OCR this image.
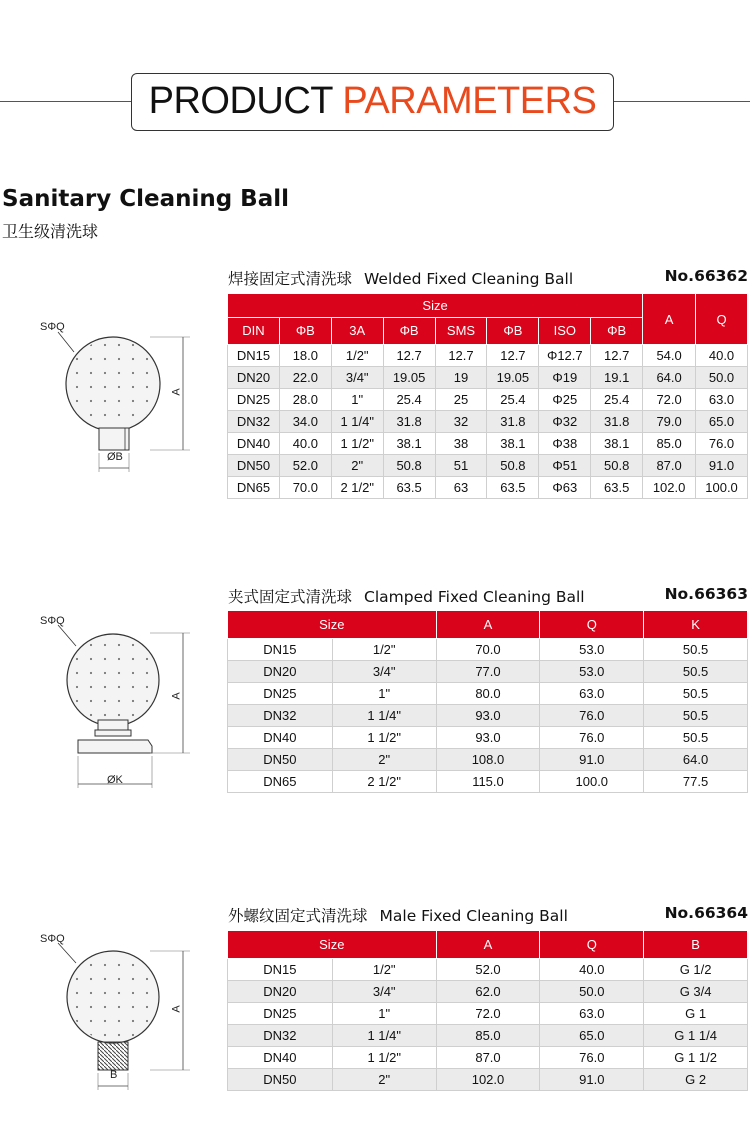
PRODUCT PARAMETERS
Sanitary Cleaning Ball
卫生级清洗球
焊接固定式清洗球 Welded Fixed Cleaning Ball	No.66362
SΦQ
A
ØB
Size								A	Q
DIN	ΦB	3A	ΦB	SMS	ΦB	ISO	ΦB		
DN15	18.0	1/2"	12.7	12.7	12.7	Φ12.7	12.7	54.0	40.0
DN20	22.0	3/4"	19.05	19	19.05	Φ19	19.1	64.0	50.0
DN25	28.0	1"	25.4	25	25.4	Φ25	25.4	72.0	63.0
DN32	34.0	1 1/4"	31.8	32	31.8	Φ32	31.8	79.0	65.0
DN40	40.0	1 1/2"	38.1	38	38.1	Φ38	38.1	85.0	76.0
DN50	52.0	2"	50.8	51	50.8	Φ51	50.8	87.0	91.0
DN65	70.0	2 1/2"	63.5	63	63.5	Φ63	63.5	102.0	100.0
夹式固定式清洗球 Clamped Fixed Cleaning Ball	No.66363
SΦQ
A
ØK
Size		A	Q	K
DN15	1/2"	70.0	53.0	50.5
DN20	3/4"	77.0	53.0	50.5
DN25	1"	80.0	63.0	50.5
DN32	1 1/4"	93.0	76.0	50.5
DN40	1 1/2"	93.0	76.0	50.5
DN50	2"	108.0	91.0	64.0
DN65	2 1/2"	115.0	100.0	77.5
外螺纹固定式清洗球 Male Fixed Cleaning Ball	No.66364
SΦQ
A
B
Size		A	Q	B
DN15	1/2"	52.0	40.0	G 1/2
DN20	3/4"	62.0	50.0	G 3/4
DN25	1"	72.0	63.0	G 1
DN32	1 1/4"	85.0	65.0	G 1 1/4
DN40	1 1/2"	87.0	76.0	G 1 1/2
DN50	2"	102.0	91.0	G 2
